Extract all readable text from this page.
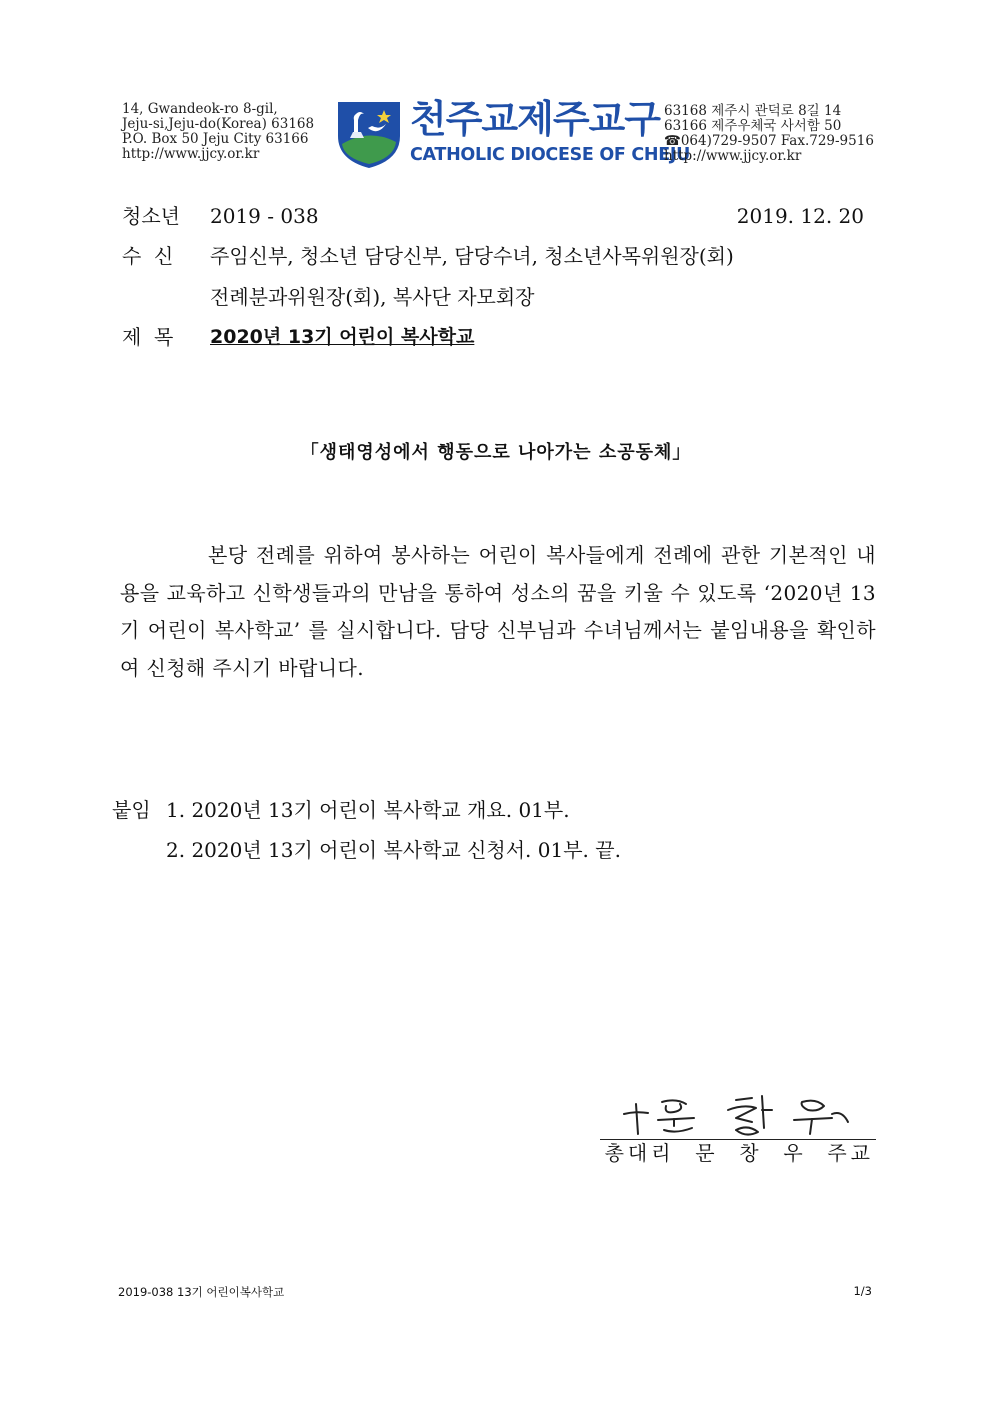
14, Gwandeok-ro 8-gil,
Jeju-si,Jeju-do(Korea) 63168
P.O. Box 50 Jeju City 63166
http://www.jjcy.or.kr
천주교제주교구
CATHOLIC DIOCESE OF CHEJU
63168 제주시 관덕로 8길 14
63166 제주우체국 사서함 50
☎064)729-9507 Fax.729-9516
http://www.jjcy.or.kr
청소년 2019 - 038	2019. 12. 20
수  신 주임신부, 청소년 담당신부, 담당수녀, 청소년사목위원장(회)
전례분과위원장(회), 복사단 자모회장
제  목 2020년 13기 어린이 복사학교
「생태영성에서 행동으로 나아가는 소공동체」
본당 전례를 위하여 봉사하는 어린이 복사들에게 전례에 관한 기본적인 내용을 교육하고 신학생들과의 만남을 통하여 성소의 꿈을 키울 수 있도록 ‘2020년 13기 어린이 복사학교’ 를 실시합니다. 담당 신부님과 수녀님께서는 붙임내용을 확인하여 신청해 주시기 바랍니다.
붙임 1. 2020년 13기 어린이 복사학교 개요. 01부.
2. 2020년 13기 어린이 복사학교 신청서. 01부. 끝.
총대리  문  창  우  주교
2019-038 13기 어린이복사학교	1/3
